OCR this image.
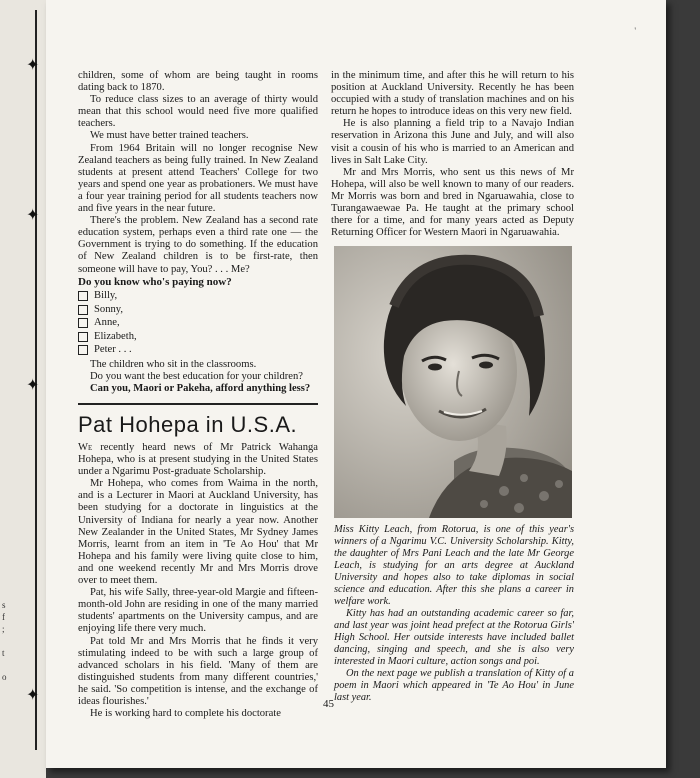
✦
✦
✦
✦
s
f
;
t
o
'

children, some of whom are being taught in rooms dating back to 1870.

To reduce class sizes to an average of thirty would mean that this school would need five more qualified teachers.

We must have better trained teachers.

From 1964 Britain will no longer recognise New Zealand teachers as being fully trained. In New Zealand students at present attend Teachers' College for two years and spend one year as probationers. We must have a four year training period for all students teachers now and five years in the near future.

There's the problem. New Zealand has a second rate education system, perhaps even a third rate one — the Government is trying to do something. If the education of New Zealand children is to be first-rate, then someone will have to pay, You? . . . Me?

Do you know who's paying now?

Billy,
Sonny,
Anne,
Elizabeth,
Peter . . .

The children who sit in the classrooms.

Do you want the best education for your children?

Can you, Maori or Pakeha, afford anything less?

Pat Hohepa in U.S.A.

We recently heard news of Mr Patrick Wahanga Hohepa, who is at present studying in the United States under a Ngarimu Post-graduate Scholarship.

Mr Hohepa, who comes from Waima in the north, and is a Lecturer in Maori at Auckland University, has been studying for a doctorate in linguistics at the University of Indiana for nearly a year now. Another New Zealander in the United States, Mr Sydney James Morris, learnt from an item in 'Te Ao Hou' that Mr Hohepa and his family were living quite close to him, and one weekend recently Mr and Mrs Morris drove over to meet them.

Pat, his wife Sally, three-year-old Margie and fifteen-month-old John are residing in one of the many married students' apartments on the University campus, and are enjoying life there very much.

Pat told Mr and Mrs Morris that he finds it very stimulating indeed to be with such a large group of advanced scholars in his field. 'Many of them are distinguished students from many different countries,' he said. 'So competition is intense, and the exchange of ideas flourishes.'

He is working hard to complete his doctorate

in the minimum time, and after this he will return to his position at Auckland University. Recently he has been occupied with a study of translation machines and on his return he hopes to introduce ideas on this very new field.

He is also planning a field trip to a Navajo Indian reservation in Arizona this June and July, and will also visit a cousin of his who is married to an American and lives in Salt Lake City.

Mr and Mrs Morris, who sent us this news of Mr Hohepa, will also be well known to many of our readers. Mr Morris was born and bred in Ngaruawahia, close to Turangawaewae Pa. He taught at the primary school there for a time, and for many years acted as Deputy Returning Officer for Western Maori in Ngaruawahia.

Miss Kitty Leach, from Rotorua, is one of this year's winners of a Ngarimu V.C. University Scholarship. Kitty, the daughter of Mrs Pani Leach and the late Mr George Leach, is studying for an arts degree at Auckland University and hopes also to take diplomas in social science and education. After this she plans a career in welfare work.

Kitty has had an outstanding academic career so far, and last year was joint head prefect at the Rotorua Girls' High School. Her outside interests have included ballet dancing, singing and speech, and she is also very interested in Maori culture, action songs and poi.

On the next page we publish a translation of Kitty of a poem in Maori which appeared in 'Te Ao Hou' in June last year.

45
